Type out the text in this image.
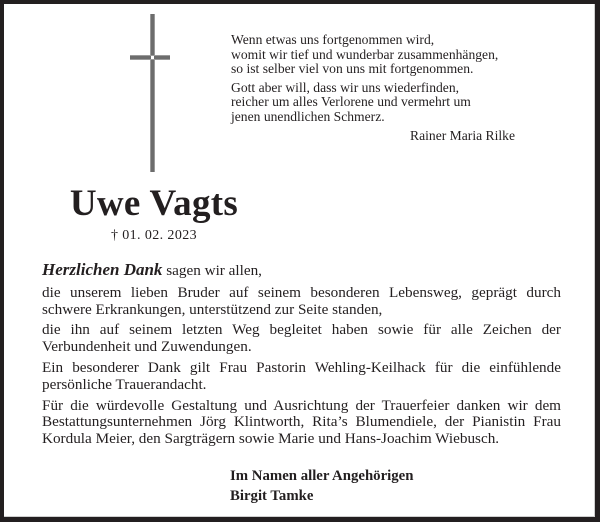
Wenn etwas uns fortgenommen wird,
womit wir tief und wunderbar zusammenhängen,
so ist selber viel von uns mit fortgenommen.
Gott aber will, dass wir uns wiederfinden,
reicher um alles Verlorene und vermehrt um
jenen unendlichen Schmerz.
Rainer Maria Rilke
Uwe Vagts
† 01. 02. 2023

Herzlichen Dank sagen wir allen,

die unserem lieben Bruder auf seinem besonderen Lebensweg, geprägt durch schwere Erkrankungen, unterstützend zur Seite standen,

die ihn auf seinem letzten Weg begleitet haben sowie für alle Zeichen der Verbundenheit und Zuwendungen.

Ein besonderer Dank gilt Frau Pastorin Wehling-Keilhack für die einfühlende persönliche Trauerandacht.

Für die würdevolle Gestaltung und Ausrichtung der Trauerfeier danken wir dem Bestattungsunternehmen Jörg Klintworth, Rita’s Blumendiele, der Pianistin Frau Kordula Meier, den Sargträgern sowie Marie und Hans-Joachim Wiebusch.

Im Namen aller Angehörigen
Birgit Tamke
